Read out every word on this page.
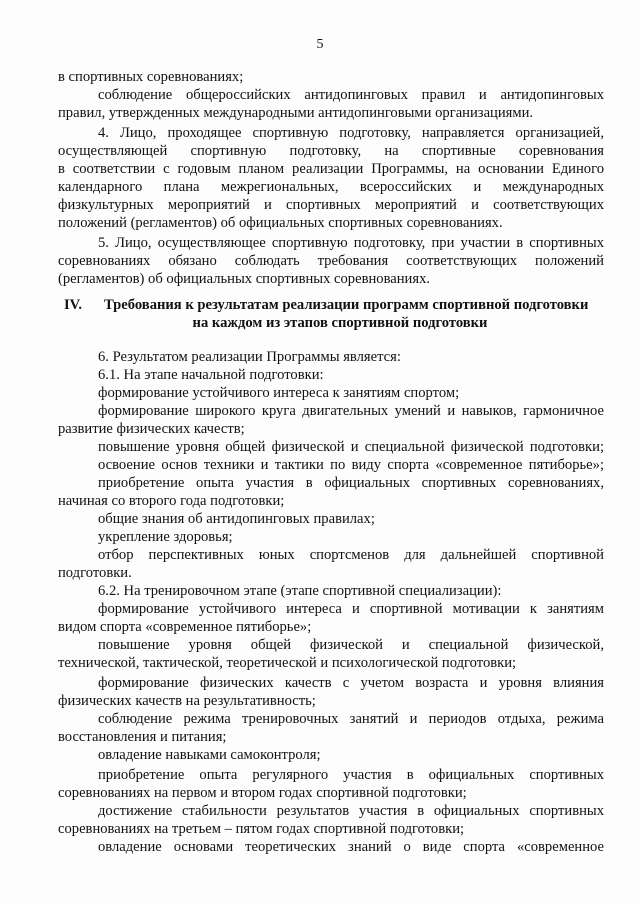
5
в спортивных соревнованиях;
соблюдение общероссийских антидопинговых правил и антидопинговых
правил, утвержденных международными антидопинговыми организациями.
4. Лицо, проходящее спортивную подготовку, направляется организацией,
осуществляющей спортивную подготовку, на спортивные соревнования
в соответствии с годовым планом реализации Программы, на основании Единого
календарного плана межрегиональных, всероссийских и международных
физкультурных мероприятий и спортивных мероприятий и соответствующих
положений (регламентов) об официальных спортивных соревнованиях.
5. Лицо, осуществляющее спортивную подготовку, при участии в спортивных
соревнованиях обязано соблюдать требования соответствующих положений
(регламентов) об официальных спортивных соревнованиях.
IV. Требования к результатам реализации программ спортивной подготовки
на каждом из этапов спортивной подготовки
6. Результатом реализации Программы является:
6.1. На этапе начальной подготовки:
формирование устойчивого интереса к занятиям спортом;
формирование широкого круга двигательных умений и навыков, гармоничное
развитие физических качеств;
повышение уровня общей физической и специальной физической подготовки;
освоение основ техники и тактики по виду спорта «современное пятиборье»;
приобретение опыта участия в официальных спортивных соревнованиях,
начиная со второго года подготовки;
общие знания об антидопинговых правилах;
укрепление здоровья;
отбор перспективных юных спортсменов для дальнейшей спортивной
подготовки.
6.2. На тренировочном этапе (этапе спортивной специализации):
формирование устойчивого интереса и спортивной мотивации к занятиям
видом спорта «современное пятиборье»;
повышение уровня общей физической и специальной физической,
технической, тактической, теоретической и психологической подготовки;
формирование физических качеств с учетом возраста и уровня влияния
физических качеств на результативность;
соблюдение режима тренировочных занятий и периодов отдыха, режима
восстановления и питания;
овладение навыками самоконтроля;
приобретение опыта регулярного участия в официальных спортивных
соревнованиях на первом и втором годах спортивной подготовки;
достижение стабильности результатов участия в официальных спортивных
соревнованиях на третьем – пятом годах спортивной подготовки;
овладение основами теоретических знаний о виде спорта «современное
